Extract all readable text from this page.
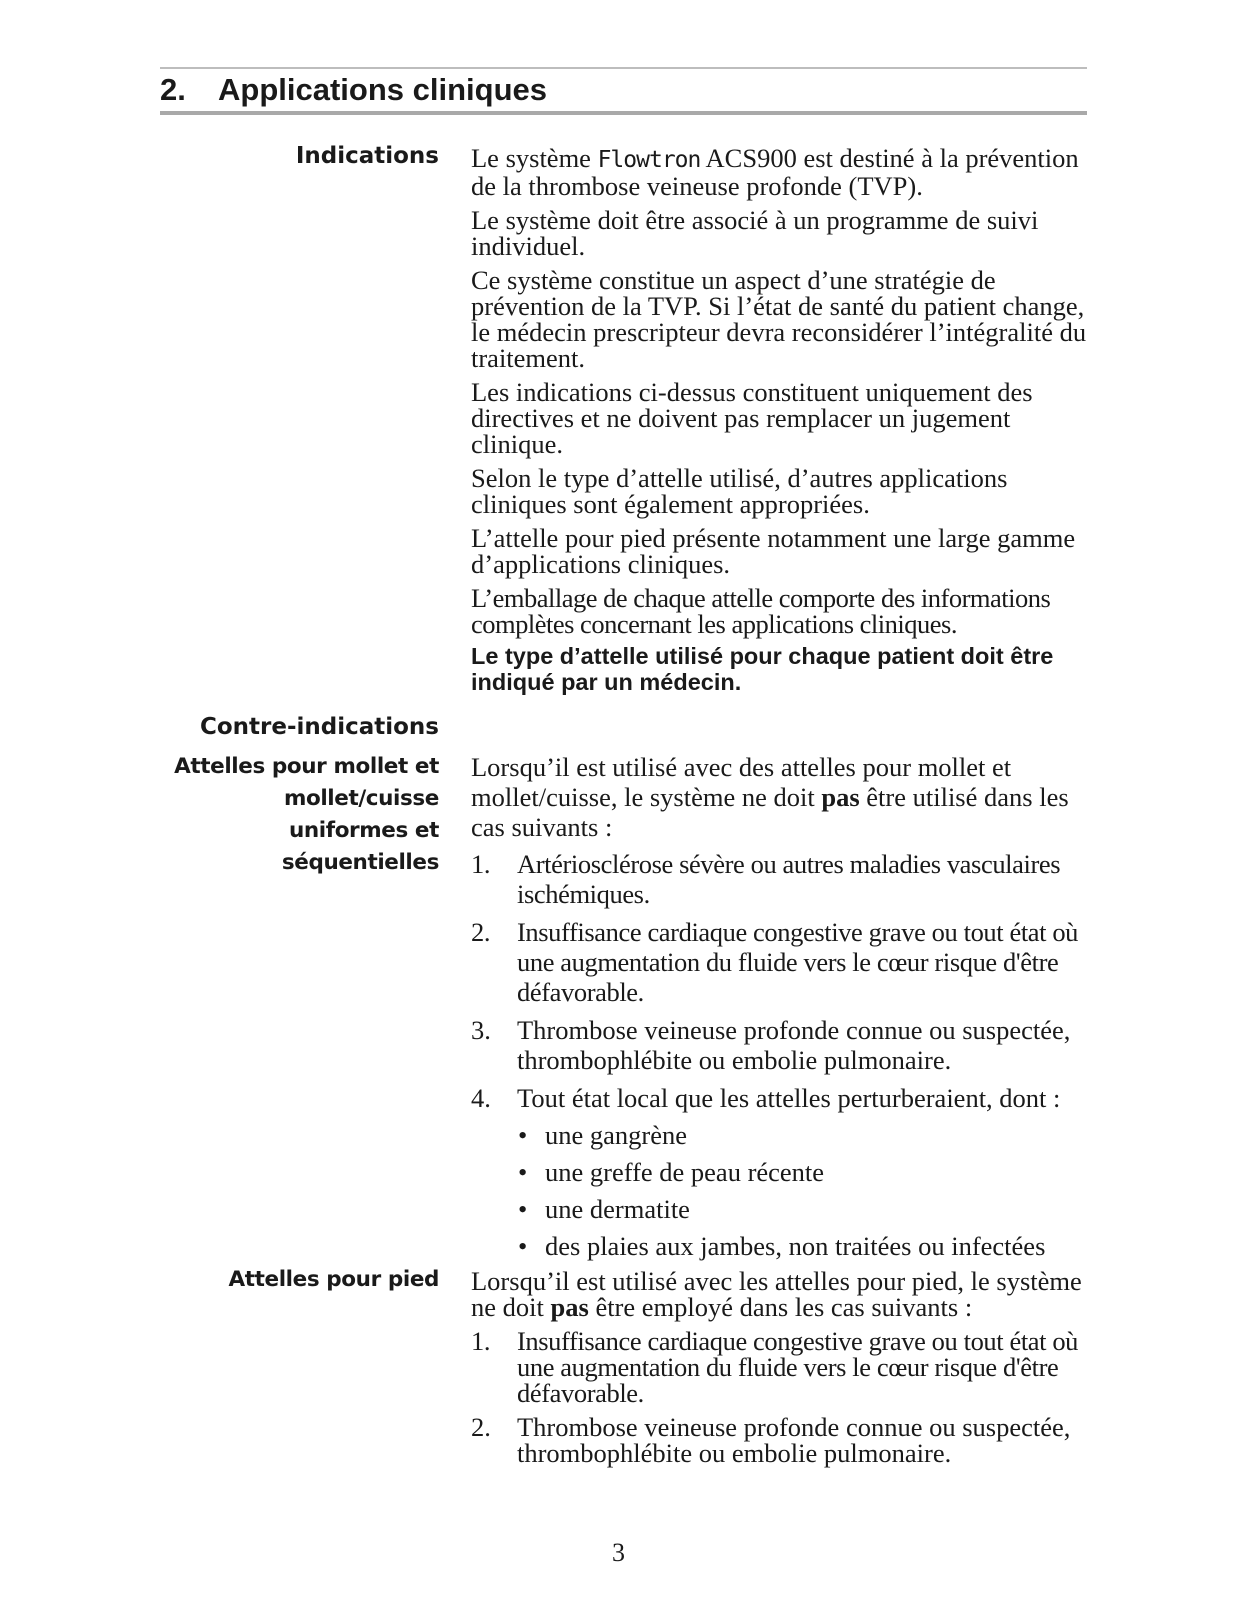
2.	Applications cliniques
Indications Le système Flowtron ACS900 est destiné à la prévention de la thrombose veineuse profonde (TVP).

Le système doit être associé à un programme de suivi individuel.

Ce système constitue un aspect d’une stratégie de prévention de la TVP. Si l’état de santé du patient change, le médecin prescripteur devra reconsidérer l’intégralité du traitement.

Les indications ci-dessus constituent uniquement des directives et ne doivent pas remplacer un jugement clinique.

Selon le type d’attelle utilisé, d’autres applications cliniques sont également appropriées.

L’attelle pour pied présente notamment une large gamme d’applications cliniques.

L’emballage de chaque attelle comporte des informations complètes concernant les applications cliniques.

Le type d’attelle utilisé pour chaque patient doit être indiqué par un médecin.

Contre-indications
Attelles pour mollet et
mollet/cuisse
uniformes et
séquentielles

Lorsqu’il est utilisé avec des attelles pour mollet et mollet/cuisse, le système ne doit pas être utilisé dans les cas suivants :

1. Artériosclérose sévère ou autres maladies vasculaires ischémiques.
2. Insuffisance cardiaque congestive grave ou tout état où une augmentation du fluide vers le cœur risque d'être défavorable.
3. Thrombose veineuse profonde connue ou suspectée, thrombophlébite ou embolie pulmonaire.
4. Tout état local que les attelles perturberaient, dont :
• une gangrène
• une greffe de peau récente
• une dermatite
• des plaies aux jambes, non traitées ou infectées
Attelles pour pied Lorsqu’il est utilisé avec les attelles pour pied, le système ne doit pas être employé dans les cas suivants :

1. Insuffisance cardiaque congestive grave ou tout état où une augmentation du fluide vers le cœur risque d'être défavorable.
2. Thrombose veineuse profonde connue ou suspectée, thrombophlébite ou embolie pulmonaire.
3
